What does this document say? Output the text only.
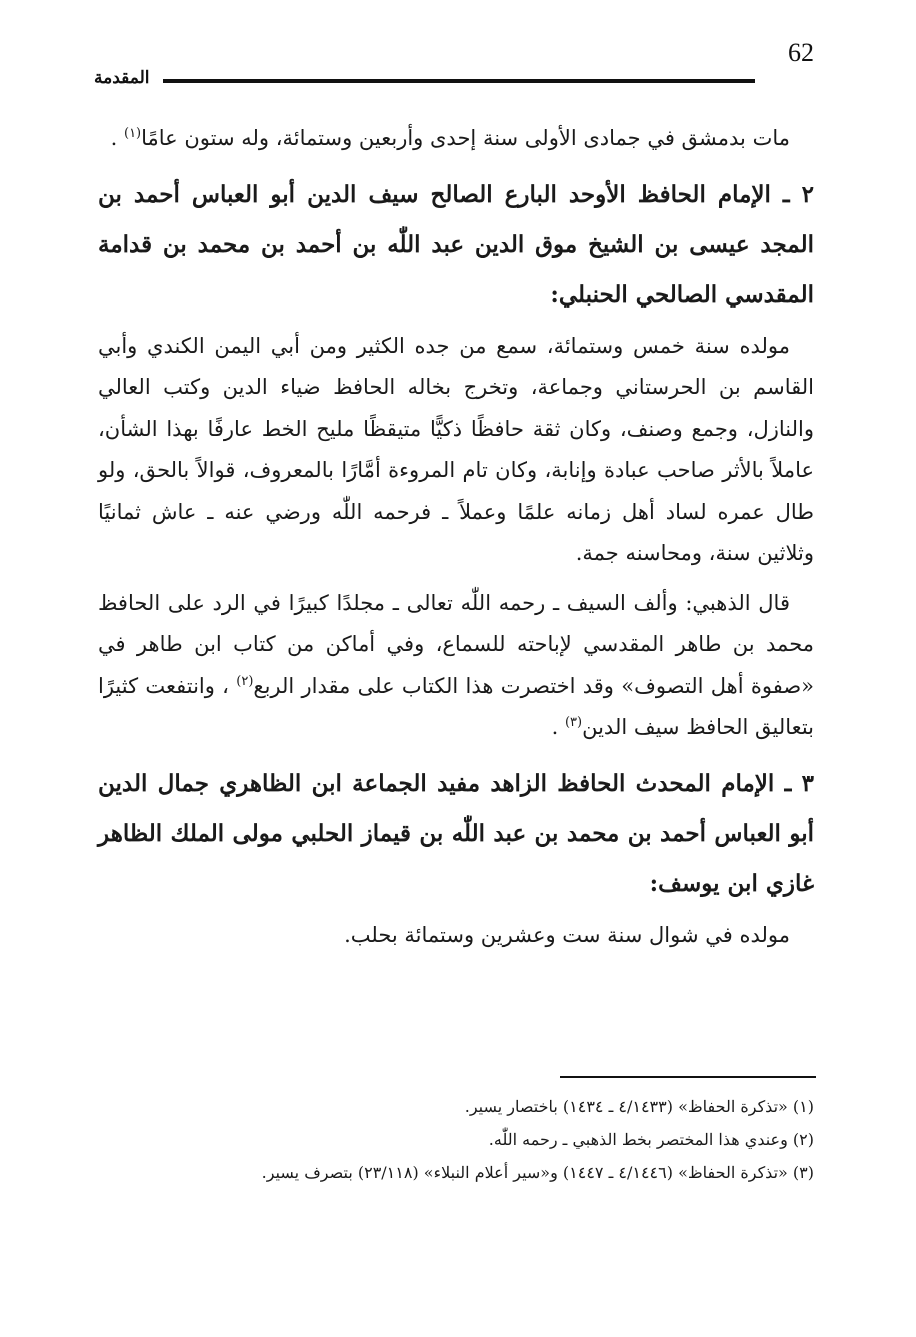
62
المقدمة

مات بدمشق في جمادى الأولى سنة إحدى وأربعين وستمائة، وله ستون عامًا$^{(١)}$ .

٢ ـ الإمام الحافظ الأوحد البارع الصالح سيف الدين أبو العباس أحمد بن المجد عيسى بن الشيخ موق الدين عبد اللّٰه بن أحمد بن محمد بن قدامة المقدسي الصالحي الحنبلي:

مولده سنة خمس وستمائة، سمع من جده الكثير ومن أبي اليمن الكندي وأبي القاسم بن الحرستاني وجماعة، وتخرج بخاله الحافظ ضياء الدين وكتب العالي والنازل، وجمع وصنف، وكان ثقة حافظًا ذكيًّا متيقظًا مليح الخط عارفًا بهذا الشأن، عاملاً بالأثر صاحب عبادة وإنابة، وكان تام المروءة أمَّارًا بالمعروف، قوالاً بالحق، ولو طال عمره لساد أهل زمانه علمًا وعملاً ـ فرحمه اللّٰه ورضي عنه ـ عاش ثمانيًا وثلاثين سنة، ومحاسنه جمة.

قال الذهبي: وألف السيف ـ رحمه اللّٰه تعالى ـ مجلدًا كبيرًا في الرد على الحافظ محمد بن طاهر المقدسي لإباحته للسماع، وفي أماكن من كتاب ابن طاهر في «صفوة أهل التصوف» وقد اختصرت هذا الكتاب على مقدار الربع$^{(٢)}$ ، وانتفعت كثيرًا بتعاليق الحافظ سيف الدين$^{(٣)}$ .

٣ ـ الإمام المحدث الحافظ الزاهد مفيد الجماعة ابن الظاهري جمال الدين أبو العباس أحمد بن محمد بن عبد اللّٰه بن قيماز الحلبي مولى الملك الظاهر غازي ابن يوسف:

مولده في شوال سنة ست وعشرين وستمائة بحلب.

(١) «تذكرة الحفاظ» (٤/١٤٣٣ ـ ١٤٣٤) باختصار يسير.

(٢) وعندي هذا المختصر بخط الذهبي ـ رحمه اللّٰه.

(٣) «تذكرة الحفاظ» (٤/١٤٤٦ ـ ١٤٤٧) و«سير أعلام النبلاء» (٢٣/١١٨) بتصرف يسير.
